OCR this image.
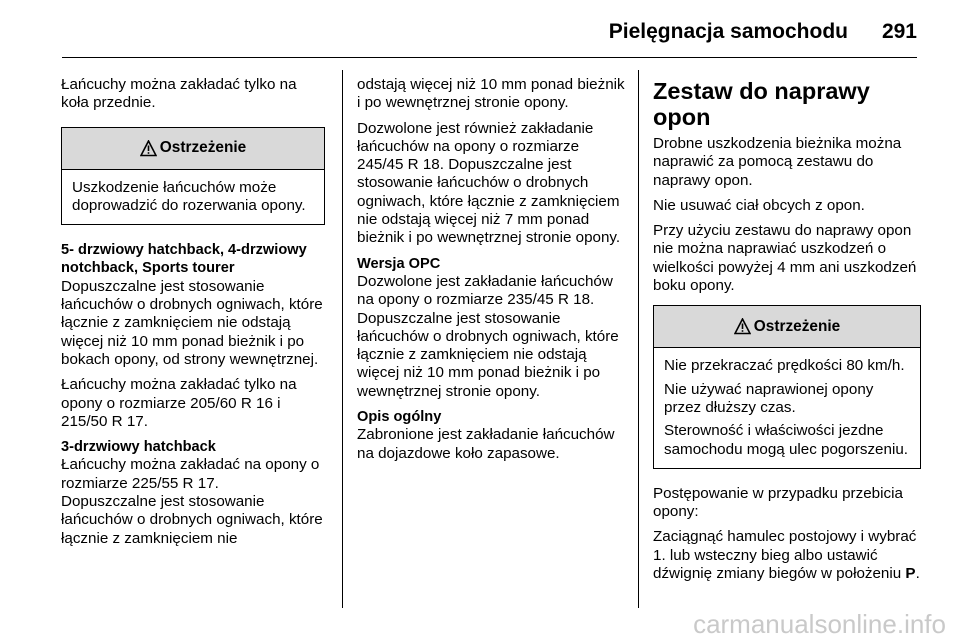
Pielęgnacja samochodu 291

Łańcuchy można zakładać tylko na koła przednie.

Ostrzeżenie

Uszkodzenie łańcuchów może doprowadzić do rozerwania opony.

5- drzwiowy hatchback, 4-drzwiowy notchback, Sports tourer

Dopuszczalne jest stosowanie łańcuchów o drobnych ogniwach, które łącznie z zamknięciem nie odstają więcej niż 10 mm ponad bieżnik i po bokach opony, od strony wewnętrznej.

Łańcuchy można zakładać tylko na opony o rozmiarze 205/60 R 16 i 215/50 R 17.

3-drzwiowy hatchback

Łańcuchy można zakładać na opony o rozmiarze 225/55 R 17.

Dopuszczalne jest stosowanie łańcuchów o drobnych ogniwach, które łącznie z zamknięciem nie

odstają więcej niż 10 mm ponad bieżnik i po wewnętrznej stronie opony.

Dozwolone jest również zakładanie łańcuchów na opony o rozmiarze 245/45 R 18. Dopuszczalne jest stosowanie łańcuchów o drobnych ogniwach, które łącznie z zamknięciem nie odstają więcej niż 7 mm ponad bieżnik i po wewnętrznej stronie opony.

Wersja OPC

Dozwolone jest zakładanie łańcuchów na opony o rozmiarze 235/45 R 18. Dopuszczalne jest stosowanie łańcuchów o drobnych ogniwach, które łącznie z zamknięciem nie odstają więcej niż 10 mm ponad bieżnik i po wewnętrznej stronie opony.

Opis ogólny

Zabronione jest zakładanie łańcuchów na dojazdowe koło zapasowe.

Zestaw do naprawy opon

Drobne uszkodzenia bieżnika można naprawić za pomocą zestawu do naprawy opon.

Nie usuwać ciał obcych z opon.

Przy użyciu zestawu do naprawy opon nie można naprawiać uszkodzeń o wielkości powyżej 4 mm ani uszkodzeń boku opony.

Ostrzeżenie

Nie przekraczać prędkości 80 km/h.

Nie używać naprawionej opony przez dłuższy czas.

Sterowność i właściwości jezdne samochodu mogą ulec pogorszeniu.

Postępowanie w przypadku przebicia opony:

Zaciągnąć hamulec postojowy i wybrać 1. lub wsteczny bieg albo ustawić dźwignię zmiany biegów w położeniu P.

carmanualsonline.info
